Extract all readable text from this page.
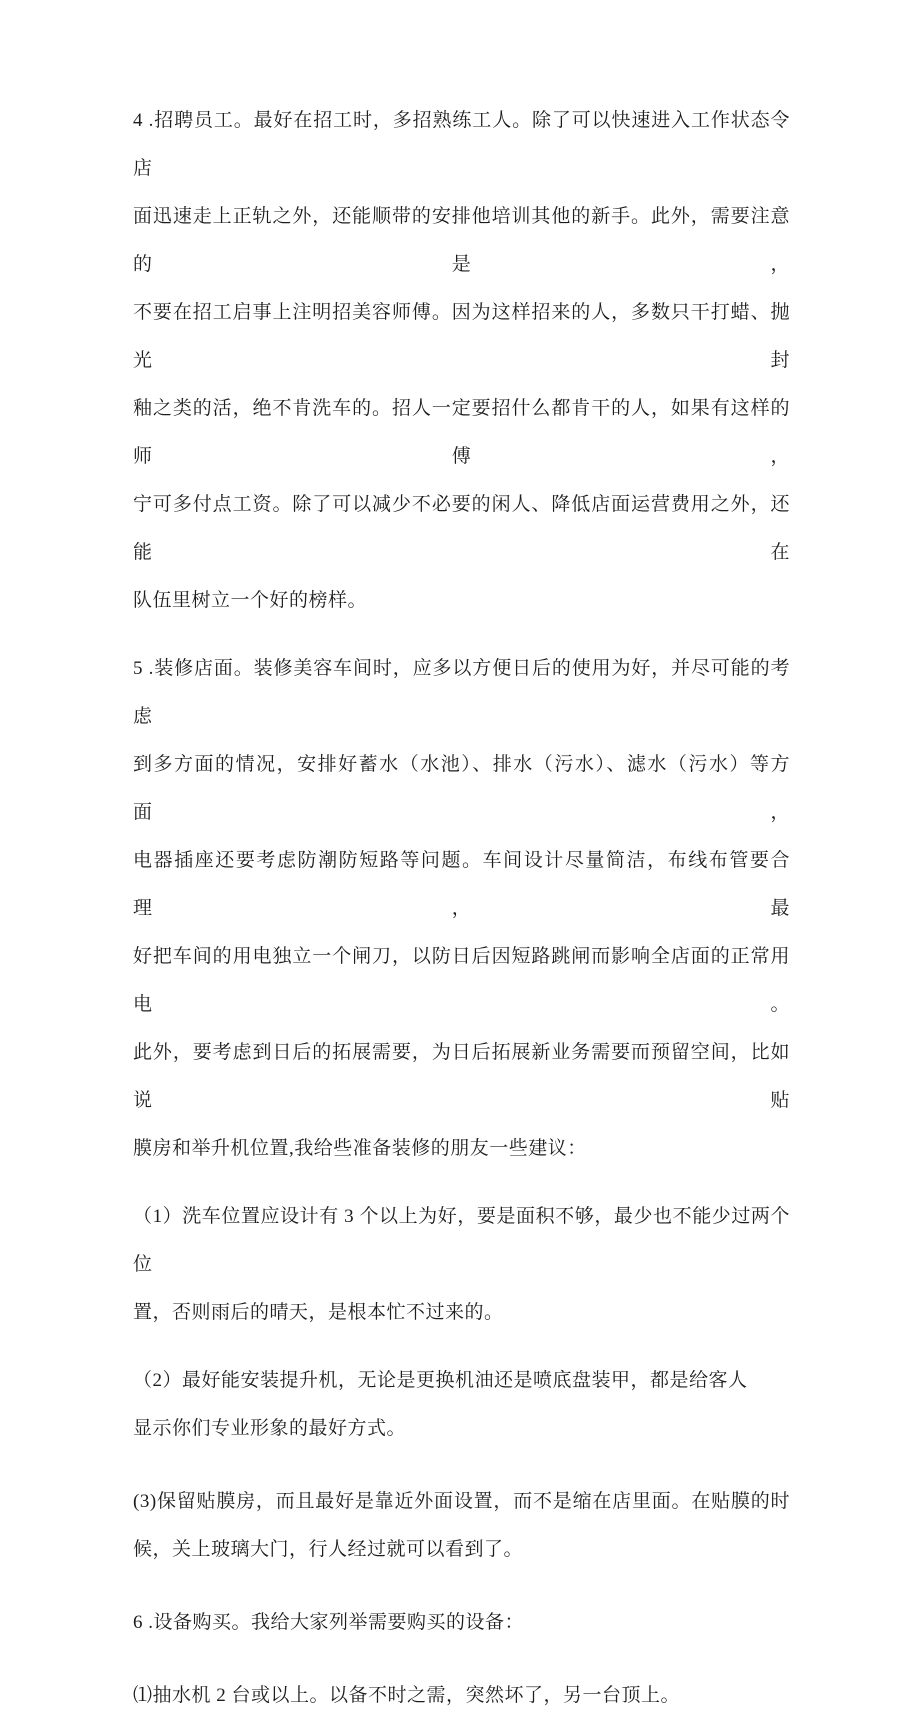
4 .招聘员工。最好在招工时，多招熟练工人。除了可以快速进入工作状态令店
面迅速走上正轨之外，还能顺带的安排他培训其他的新手。此外，需要注意的是，
不要在招工启事上注明招美容师傅。因为这样招来的人，多数只干打蜡、抛光封
釉之类的活，绝不肯洗车的。招人一定要招什么都肯干的人，如果有这样的师傅，
宁可多付点工资。除了可以减少不必要的闲人、降低店面运营费用之外，还能在
队伍里树立一个好的榜样。
5 .装修店面。装修美容车间时，应多以方便日后的使用为好，并尽可能的考虑
到多方面的情况，安排好蓄水（水池）、排水（污水）、滤水（污水）等方面，
电器插座还要考虑防潮防短路等问题。车间设计尽量简洁，布线布管要合理，最
好把车间的用电独立一个闸刀，以防日后因短路跳闸而影响全店面的正常用电。
此外，要考虑到日后的拓展需要，为日后拓展新业务需要而预留空间，比如说贴
膜房和举升机位置,我给些准备装修的朋友一些建议：
（1）洗车位置应设计有 3 个以上为好，要是面积不够，最少也不能少过两个位
置，否则雨后的晴天，是根本忙不过来的。
（2）最好能安装提升机，无论是更换机油还是喷底盘装甲，都是给客人
显示你们专业形象的最好方式。
(3)保留贴膜房，而且最好是靠近外面设置，而不是缩在店里面。在贴膜的时
候，关上玻璃大门，行人经过就可以看到了。
6 .设备购买。我给大家列举需要购买的设备：
⑴抽水机 2 台或以上。以备不时之需，突然坏了，另一台顶上。
